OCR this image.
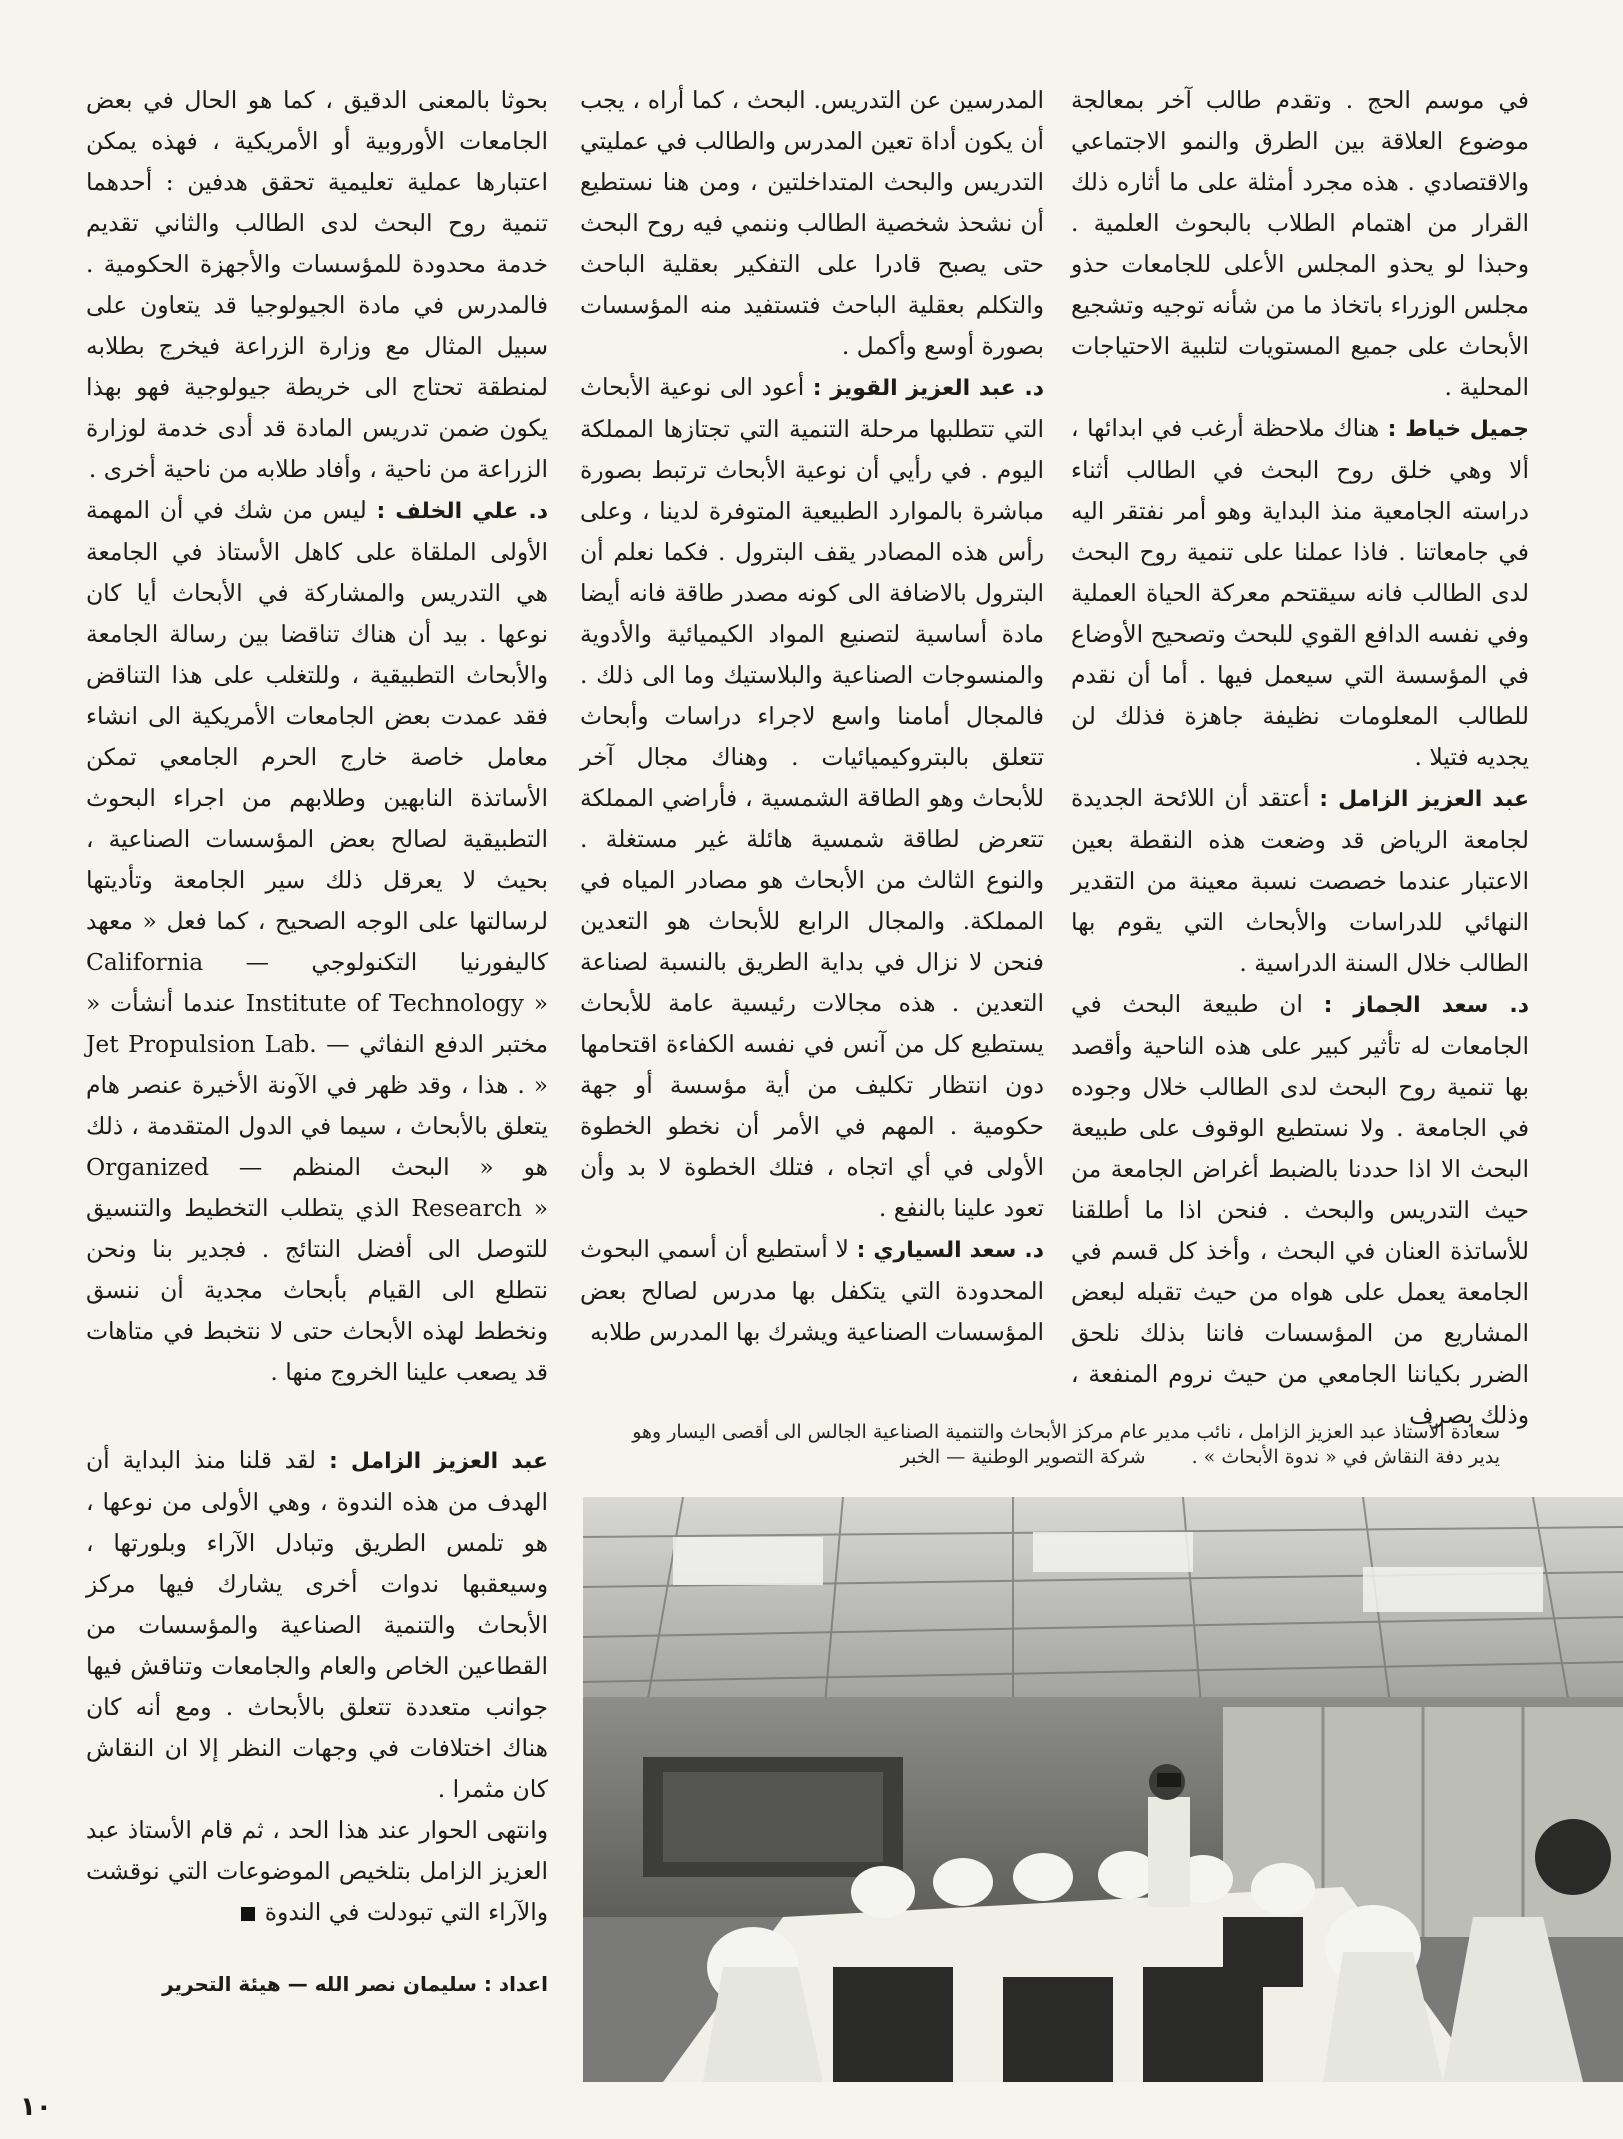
في موسم الحج . وتقدم طالب آخر بمعالجة موضوع العلاقة بين الطرق والنمو الاجتماعي والاقتصادي . هذه مجرد أمثلة على ما أثاره ذلك القرار من اهتمام الطلاب بالبحوث العلمية . وحبذا لو يحذو المجلس الأعلى للجامعات حذو مجلس الوزراء باتخاذ ما من شأنه توجيه وتشجيع الأبحاث على جميع المستويات لتلبية الاحتياجات المحلية .

جميل خياط : هناك ملاحظة أرغب في ابدائها ، ألا وهي خلق روح البحث في الطالب أثناء دراسته الجامعية منذ البداية وهو أمر نفتقر اليه في جامعاتنا . فاذا عملنا على تنمية روح البحث لدى الطالب فانه سيقتحم معركة الحياة العملية وفي نفسه الدافع القوي للبحث وتصحيح الأوضاع في المؤسسة التي سيعمل فيها . أما أن نقدم للطالب المعلومات نظيفة جاهزة فذلك لن يجديه فتيلا .

عبد العزيز الزامل : أعتقد أن اللائحة الجديدة لجامعة الرياض قد وضعت هذه النقطة بعين الاعتبار عندما خصصت نسبة معينة من التقدير النهائي للدراسات والأبحاث التي يقوم بها الطالب خلال السنة الدراسية .

د. سعد الجماز : ان طبيعة البحث في الجامعات له تأثير كبير على هذه الناحية وأقصد بها تنمية روح البحث لدى الطالب خلال وجوده في الجامعة . ولا نستطيع الوقوف على طبيعة البحث الا اذا حددنا بالضبط أغراض الجامعة من حيث التدريس والبحث . فنحن اذا ما أطلقنا للأساتذة العنان في البحث ، وأخذ كل قسم في الجامعة يعمل على هواه من حيث تقبله لبعض المشاريع من المؤسسات فاننا بذلك نلحق الضرر بكياننا الجامعي من حيث نروم المنفعة ، وذلك بصرف

المدرسين عن التدريس. البحث ، كما أراه ، يجب أن يكون أداة تعين المدرس والطالب في عمليتي التدريس والبحث المتداخلتين ، ومن هنا نستطيع أن نشحذ شخصية الطالب وننمي فيه روح البحث حتى يصبح قادرا على التفكير بعقلية الباحث والتكلم بعقلية الباحث فتستفيد منه المؤسسات بصورة أوسع وأكمل .

د. عبد العزيز القويز : أعود الى نوعية الأبحاث التي تتطلبها مرحلة التنمية التي تجتازها المملكة اليوم . في رأيي أن نوعية الأبحاث ترتبط بصورة مباشرة بالموارد الطبيعية المتوفرة لدينا ، وعلى رأس هذه المصادر يقف البترول . فكما نعلم أن البترول بالاضافة الى كونه مصدر طاقة فانه أيضا مادة أساسية لتصنيع المواد الكيميائية والأدوية والمنسوجات الصناعية والبلاستيك وما الى ذلك . فالمجال أمامنا واسع لاجراء دراسات وأبحاث تتعلق بالبتروكيميائيات . وهناك مجال آخر للأبحاث وهو الطاقة الشمسية ، فأراضي المملكة تتعرض لطاقة شمسية هائلة غير مستغلة . والنوع الثالث من الأبحاث هو مصادر المياه في المملكة. والمجال الرابع للأبحاث هو التعدين فنحن لا نزال في بداية الطريق بالنسبة لصناعة التعدين . هذه مجالات رئيسية عامة للأبحاث يستطيع كل من آنس في نفسه الكفاءة اقتحامها دون انتظار تكليف من أية مؤسسة أو جهة حكومية . المهم في الأمر أن نخطو الخطوة الأولى في أي اتجاه ، فتلك الخطوة لا بد وأن تعود علينا بالنفع .

د. سعد السياري : لا أستطيع أن أسمي البحوث المحدودة التي يتكفل بها مدرس لصالح بعض المؤسسات الصناعية ويشرك بها المدرس طلابه

بحوثا بالمعنى الدقيق ، كما هو الحال في بعض الجامعات الأوروبية أو الأمريكية ، فهذه يمكن اعتبارها عملية تعليمية تحقق هدفين : أحدهما تنمية روح البحث لدى الطالب والثاني تقديم خدمة محدودة للمؤسسات والأجهزة الحكومية . فالمدرس في مادة الجيولوجيا قد يتعاون على سبيل المثال مع وزارة الزراعة فيخرج بطلابه لمنطقة تحتاج الى خريطة جيولوجية فهو بهذا يكون ضمن تدريس المادة قد أدى خدمة لوزارة الزراعة من ناحية ، وأفاد طلابه من ناحية أخرى .

د. علي الخلف : ليس من شك في أن المهمة الأولى الملقاة على كاهل الأستاذ في الجامعة هي التدريس والمشاركة في الأبحاث أيا كان نوعها . بيد أن هناك تناقضا بين رسالة الجامعة والأبحاث التطبيقية ، وللتغلب على هذا التناقض فقد عمدت بعض الجامعات الأمريكية الى انشاء معامل خاصة خارج الحرم الجامعي تمكن الأساتذة النابهين وطلابهم من اجراء البحوث التطبيقية لصالح بعض المؤسسات الصناعية ، بحيث لا يعرقل ذلك سير الجامعة وتأديتها لرسالتها على الوجه الصحيح ، كما فعل « معهد كاليفورنيا التكنولوجي — California Institute of Technology » عندما أنشأت « مختبر الدفع النفاثي — Jet Propulsion Lab. » . هذا ، وقد ظهر في الآونة الأخيرة عنصر هام يتعلق بالأبحاث ، سيما في الدول المتقدمة ، ذلك هو « البحث المنظم — Organized Research » الذي يتطلب التخطيط والتنسيق للتوصل الى أفضل النتائج . فجدير بنا ونحن نتطلع الى القيام بأبحاث مجدية أن ننسق ونخطط لهذه الأبحاث حتى لا نتخبط في متاهات قد يصعب علينا الخروج منها .

عبد العزيز الزامل : لقد قلنا منذ البداية أن الهدف من هذه الندوة ، وهي الأولى من نوعها ، هو تلمس الطريق وتبادل الآراء وبلورتها ، وسيعقبها ندوات أخرى يشارك فيها مركز الأبحاث والتنمية الصناعية والمؤسسات من القطاعين الخاص والعام والجامعات وتناقش فيها جوانب متعددة تتعلق بالأبحاث . ومع أنه كان هناك اختلافات في وجهات النظر إلا ان النقاش كان مثمرا .

وانتهى الحوار عند هذا الحد ، ثم قام الأستاذ عبد العزيز الزامل بتلخيص الموضوعات التي نوقشت والآراء التي تبودلت في الندوة

اعداد : سليمان نصر الله — هيئة التحرير
سعادة الأستاذ عبد العزيز الزامل ، نائب مدير عام مركز الأبحاث والتنمية الصناعية الجالس الى أقصى اليسار وهو يدير دفة النقاش في « ندوة الأبحاث » . شركة التصوير الوطنية — الخبر
١٠
